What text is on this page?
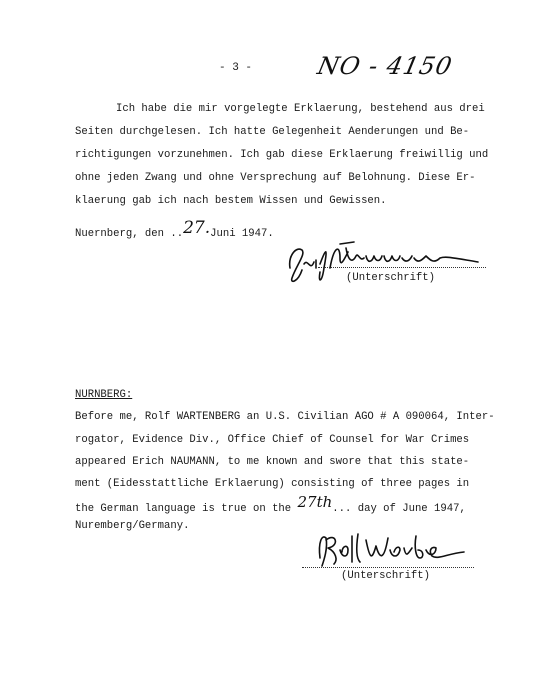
- 3 -	NO - 4150
Ich habe die mir vorgelegte Erklaerung, bestehend aus drei
Seiten durchgelesen. Ich hatte Gelegenheit Aenderungen und Be-
richtigungen vorzunehmen. Ich gab diese Erklaerung freiwillig und
ohne jeden Zwang und ohne Versprechung auf Belohnung. Diese Er-
klaerung gab ich nach bestem Wissen und Gewissen.
Nuernberg, den ..27.Juni 1947.
(Unterschrift)
NURNBERG:
Before me, Rolf WARTENBERG an U.S. Civilian AGO # A 090064, Inter-
rogator, Evidence Div., Office Chief of Counsel for War Crimes
appeared Erich NAUMANN, to me known and swore that this state-
ment (Eidesstattliche Erklaerung) consisting of three pages in
the German language is true on the 27th... day of June 1947,
Nuremberg/Germany.
(Unterschrift)
